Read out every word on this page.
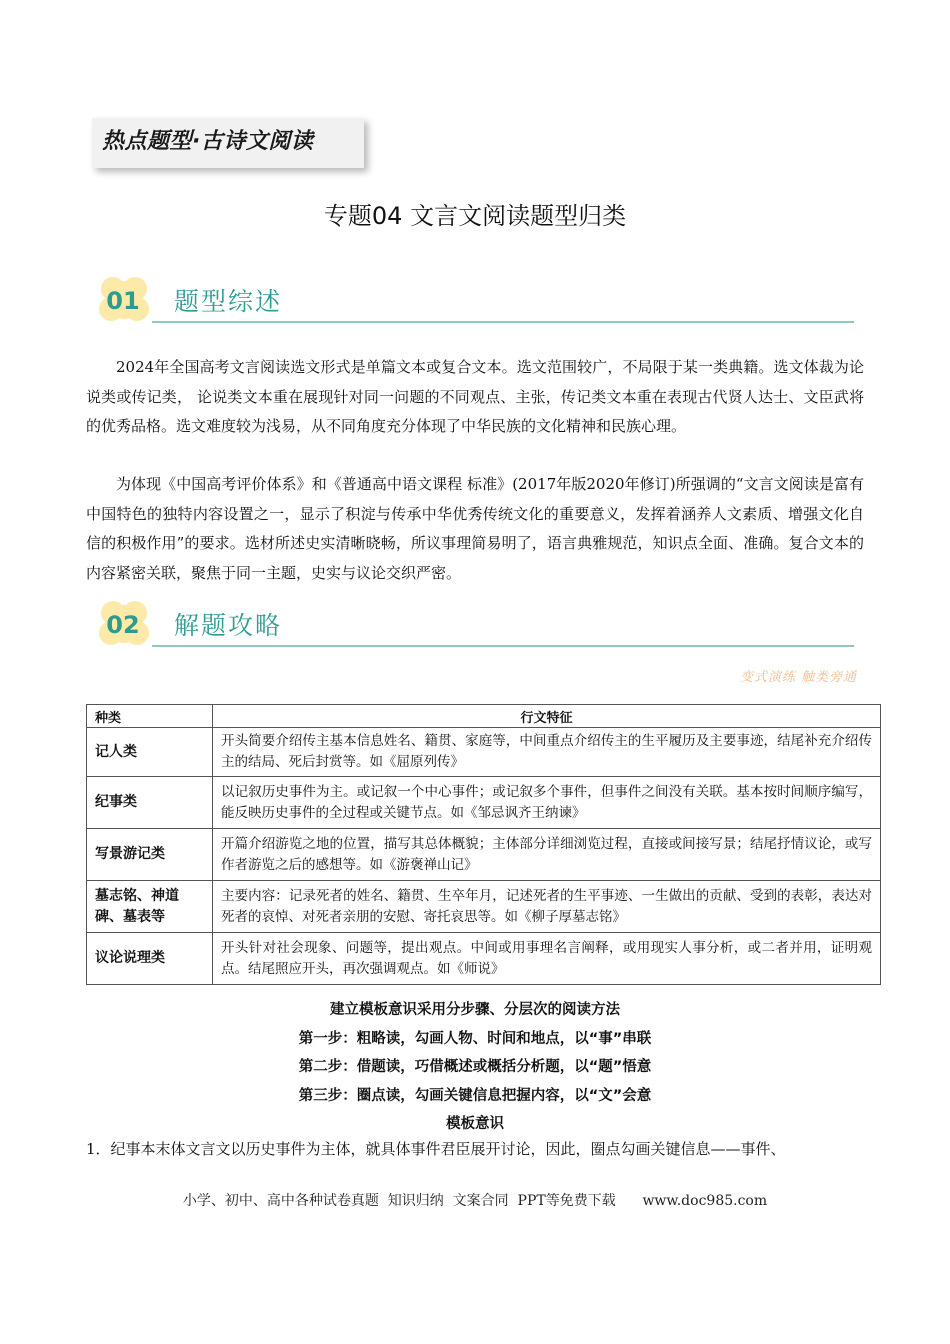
热点题型·古诗文阅读
专题04 文言文阅读题型归类
01	题型综述

2024年全国高考文言阅读选文形式是单篇文本或复合文本。选文范围较广，不局限于某一类典籍。选文体裁为论说类或传记类， 论说类文本重在展现针对同一问题的不同观点、主张，传记类文本重在表现古代贤人达士、文臣武将的优秀品格。选文难度较为浅易，从不同角度充分体现了中华民族的文化精神和民族心理。

为体现《中国高考评价体系》和《普通高中语文课程 标准》(2017年版2020年修订)所强调的“文言文阅读是富有中国特色的独特内容设置之一，显示了积淀与传承中华优秀传统文化的重要意义，发挥着涵养人文素质、增强文化自信的积极作用”的要求。选材所述史实清晰晓畅，所议事理简易明了，语言典雅规范，知识点全面、准确。复合文本的内容紧密关联，聚焦于同一主题，史实与议论交织严密。

02	解题攻略
变式演练 触类旁通
种类	行文特征
记人类	开头简要介绍传主基本信息姓名、籍贯、家庭等，中间重点介绍传主的生平履历及主要事迹，结尾补充介绍传主的结局、死后封赏等。如《屈原列传》
纪事类	以记叙历史事件为主。或记叙一个中心事件；或记叙多个事件，但事件之间没有关联。基本按时间顺序编写，能反映历史事件的全过程或关键节点。如《邹忌讽齐王纳谏》
写景游记类	开篇介绍游览之地的位置，描写其总体概貌；主体部分详细浏览过程，直接或间接写景；结尾抒情议论，或写作者游览之后的感想等。如《游褒禅山记》
墓志铭、神道碑、墓表等	主要内容：记录死者的姓名、籍贯、生卒年月，记述死者的生平事迹、一生做出的贡献、受到的表彰，表达对死者的哀悼、对死者亲朋的安慰、寄托哀思等。如《柳子厚墓志铭》
议论说理类	开头针对社会现象、问题等，提出观点。中间或用事理名言阐释，或用现实人事分析，或二者并用，证明观点。结尾照应开头，再次强调观点。如《师说》
建立模板意识采用分步骤、分层次的阅读方法
第一步：粗略读，勾画人物、时间和地点，以“事”串联
第二步：借题读，巧借概述或概括分析题，以“题”悟意
第三步：圈点读，勾画关键信息把握内容，以“文”会意
模板意识

1．纪事本末体文言文以历史事件为主体，就具体事件君臣展开讨论，因此，圈点勾画关键信息——事件、

小学、初中、高中各种试卷真题  知识归纳  文案合同  PPT等免费下载      www.doc985.com
